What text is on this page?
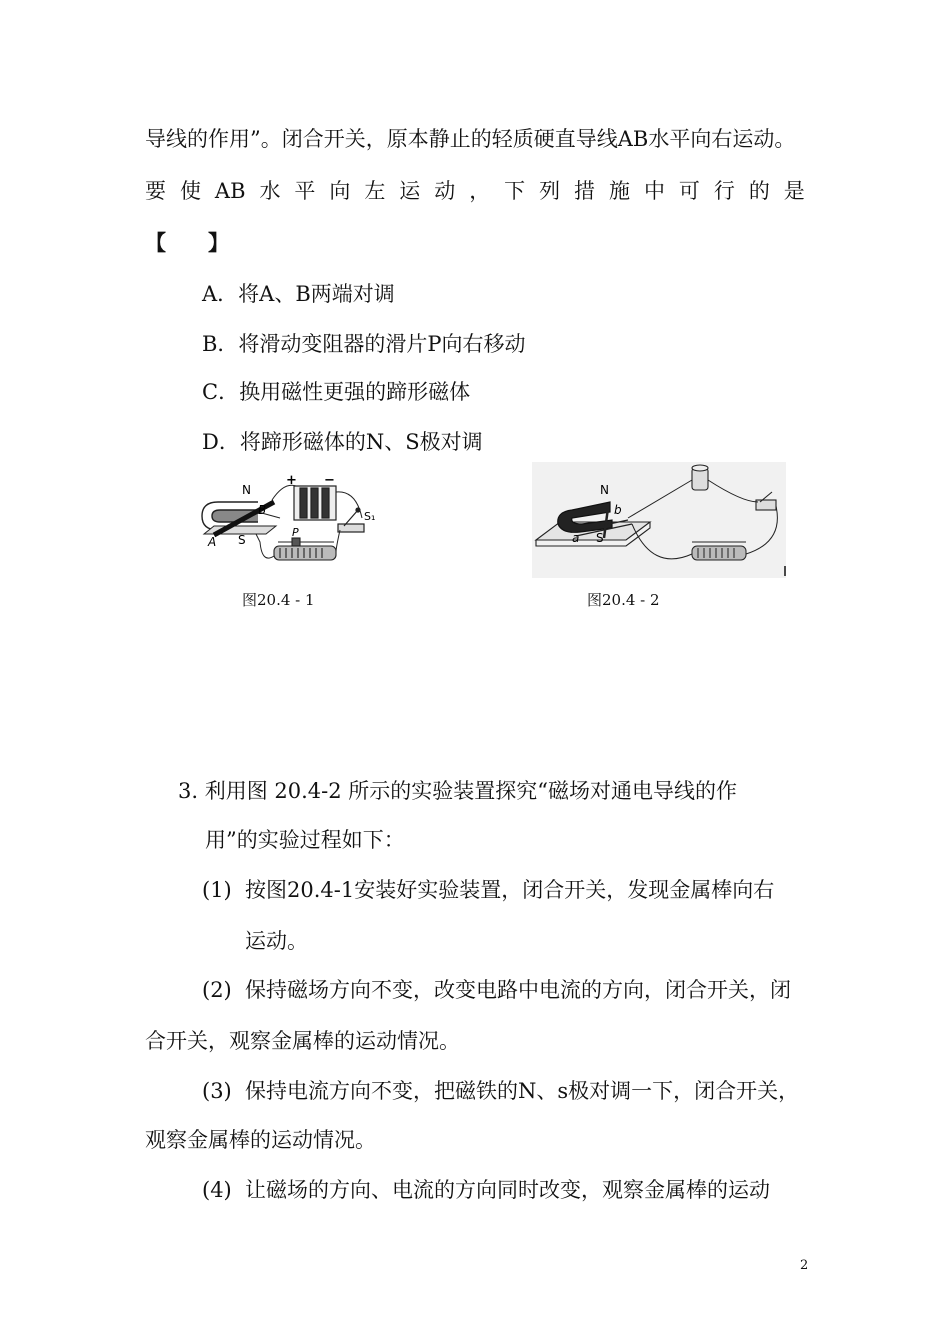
导线的作用”。闭合开关，原本静止的轻质硬直导线AB水平向右运动。
要 使 AB 水 平 向 左 运 动 ， 下 列 措 施 中 可 行 的 是
【　　】
A．将A、B两端对调
B．将滑动变阻器的滑片P向右移动
C．换用磁性更强的蹄形磁体
D．将蹄形磁体的N、S极对调
N
S
A
B
P
+ −
S₁
N
S
a
b
图20.4 - 1	图20.4 - 2
3. 利用图 20.4-2 所示的实验装置探究“磁场对通电导线的作
用”的实验过程如下：
(1) 按图20.4-1安装好实验装置，闭合开关，发现金属棒向右
运动。
(2) 保持磁场方向不变，改变电路中电流的方向，闭合开关，闭
合开关，观察金属棒的运动情况。
(3) 保持电流方向不变，把磁铁的N、s极对调一下，闭合开关，
观察金属棒的运动情况。
(4) 让磁场的方向、电流的方向同时改变，观察金属棒的运动
2
